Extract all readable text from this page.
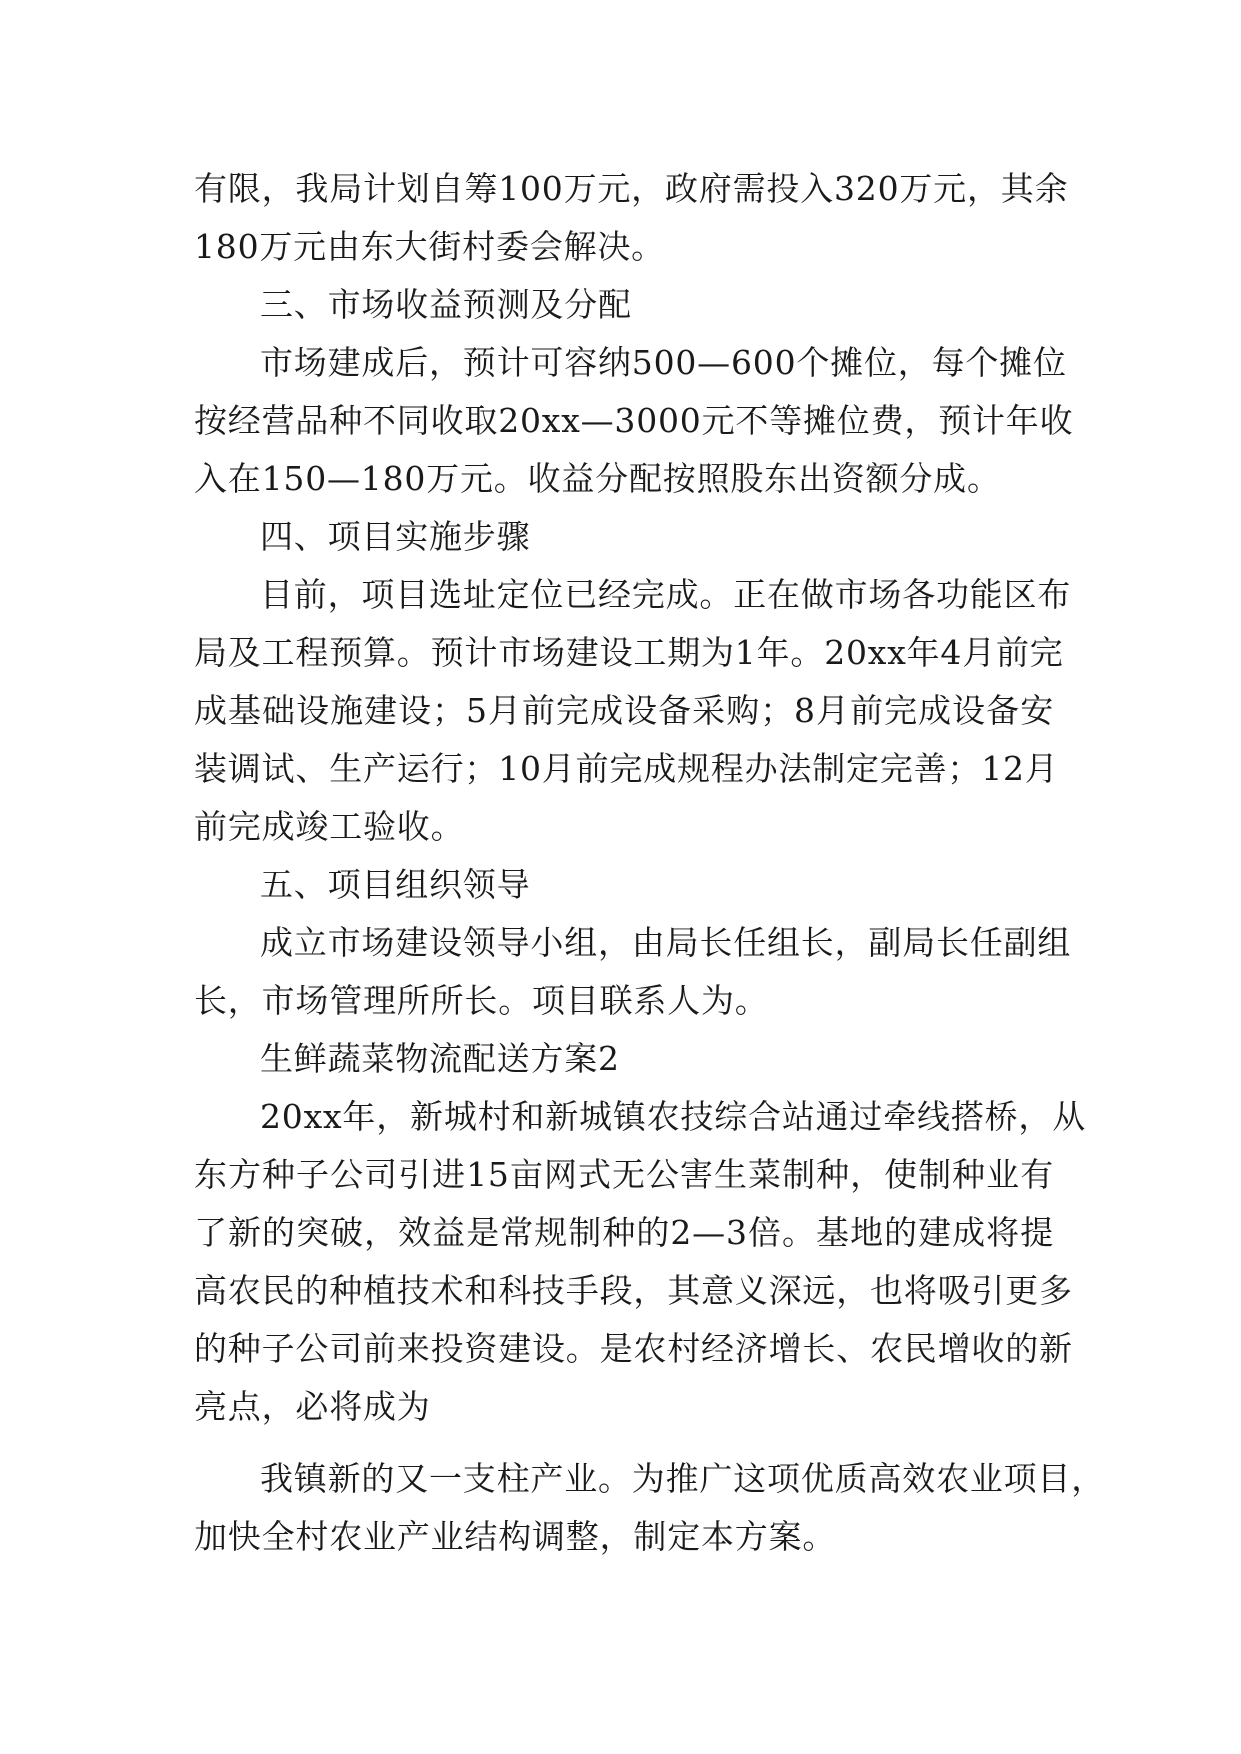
有限，我局计划自筹100万元，政府需投入320万元，其余
180万元由东大街村委会解决。
三、市场收益预测及分配
市场建成后，预计可容纳500—600个摊位，每个摊位
按经营品种不同收取20xx—3000元不等摊位费，预计年收
入在150—180万元。收益分配按照股东出资额分成。
四、项目实施步骤
目前，项目选址定位已经完成。正在做市场各功能区布
局及工程预算。预计市场建设工期为1年。20xx年4月前完
成基础设施建设；5月前完成设备采购；8月前完成设备安
装调试、生产运行；10月前完成规程办法制定完善；12月
前完成竣工验收。
五、项目组织领导
成立市场建设领导小组，由局长任组长，副局长任副组
长，市场管理所所长。项目联系人为。
生鲜蔬菜物流配送方案2
20xx年，新城村和新城镇农技综合站通过牵线搭桥，从
东方种子公司引进15亩网式无公害生菜制种，使制种业有
了新的突破，效益是常规制种的2—3倍。基地的建成将提
高农民的种植技术和科技手段，其意义深远，也将吸引更多
的种子公司前来投资建设。是农村经济增长、农民增收的新
亮点，必将成为
我镇新的又一支柱产业。为推广这项优质高效农业项目，
加快全村农业产业结构调整，制定本方案。
